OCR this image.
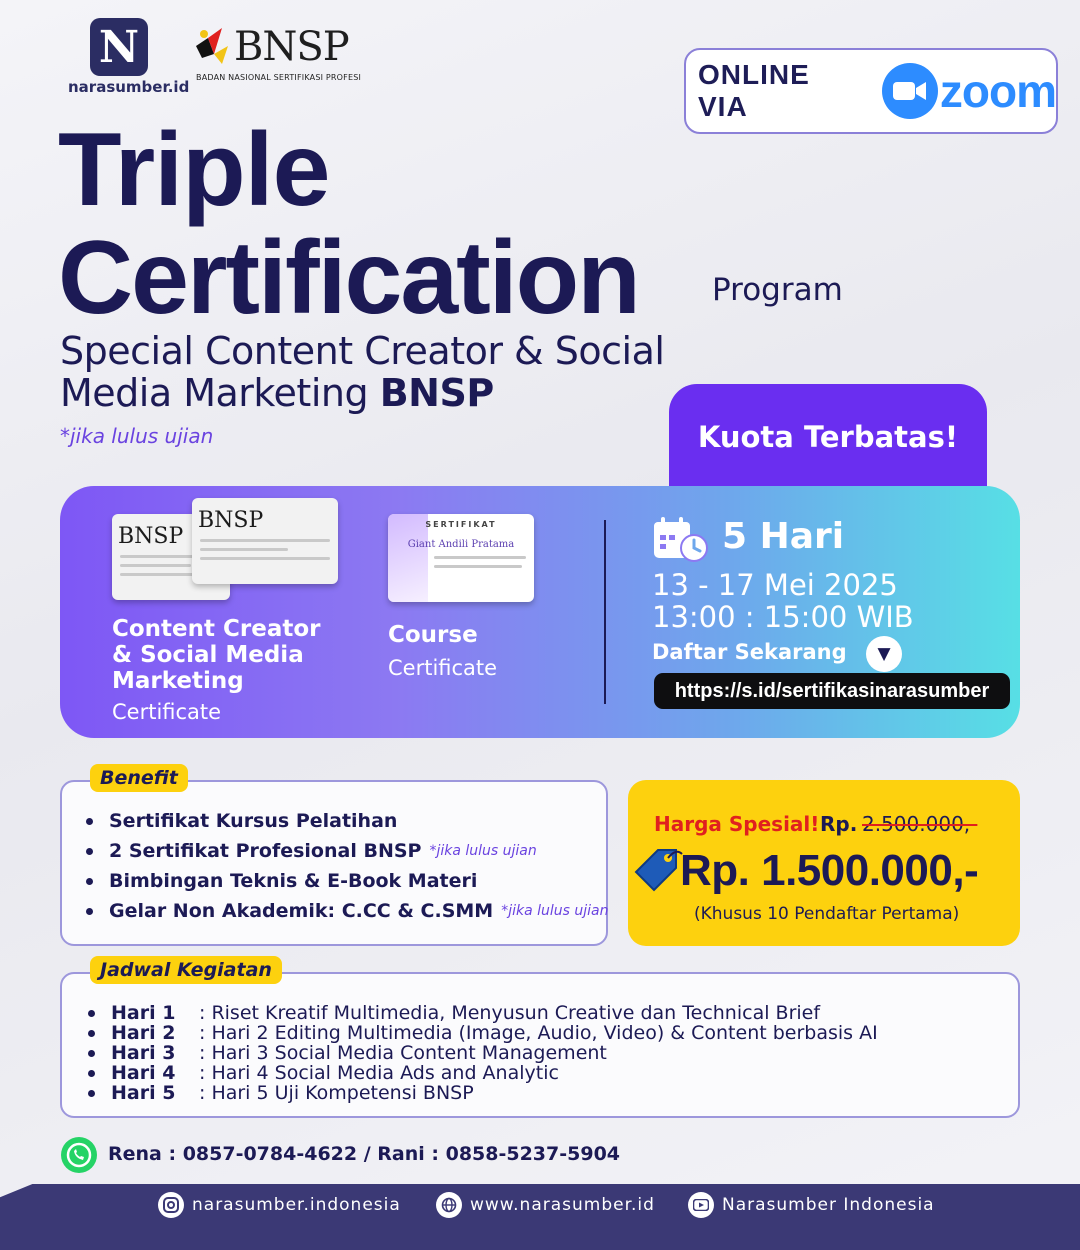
N
narasumber.id
BNSP
BADAN NASIONAL SERTIFIKASI PROFESI	ONLINE VIA	zoom
Triple
Certification Program
Special Content Creator & Social Media Marketing BNSP
*jika lulus ujian	Kuota Terbatas!
BNSP
BNSP	SERTIFIKAT
Giant Andili Pratama
Content Creator & Social Media Marketing
Certificate
Course
Certificate
5 Hari
13 - 17 Mei 2025
13:00 : 15:00 WIB
Daftar Sekarang	▼
https://s.id/sertifikasinarasumber
Benefit
Sertifikat Kursus Pelatihan
2 Sertifikat Profesional BNSP *jika lulus ujian
Bimbingan Teknis & E-Book Materi
Gelar Non Akademik: C.CC & C.SMM *jika lulus ujian
Harga Spesial! Rp. 2.500.000,-
Rp. 1.500.000,-
(Khusus 10 Pendaftar Pertama)
Jadwal Kegiatan
Hari 1	: Riset Kreatif Multimedia, Menyusun Creative dan Technical Brief
Hari 2	: Hari 2 Editing Multimedia (Image, Audio, Video) & Content berbasis AI
Hari 3	: Hari 3 Social Media Content Management
Hari 4	: Hari 4 Social Media Ads and Analytic
Hari 5	: Hari 5 Uji Kompetensi BNSP
Rena : 0857-0784-4622 / Rani : 0858-5237-5904
narasumber.indonesia	www.narasumber.id	Narasumber Indonesia
